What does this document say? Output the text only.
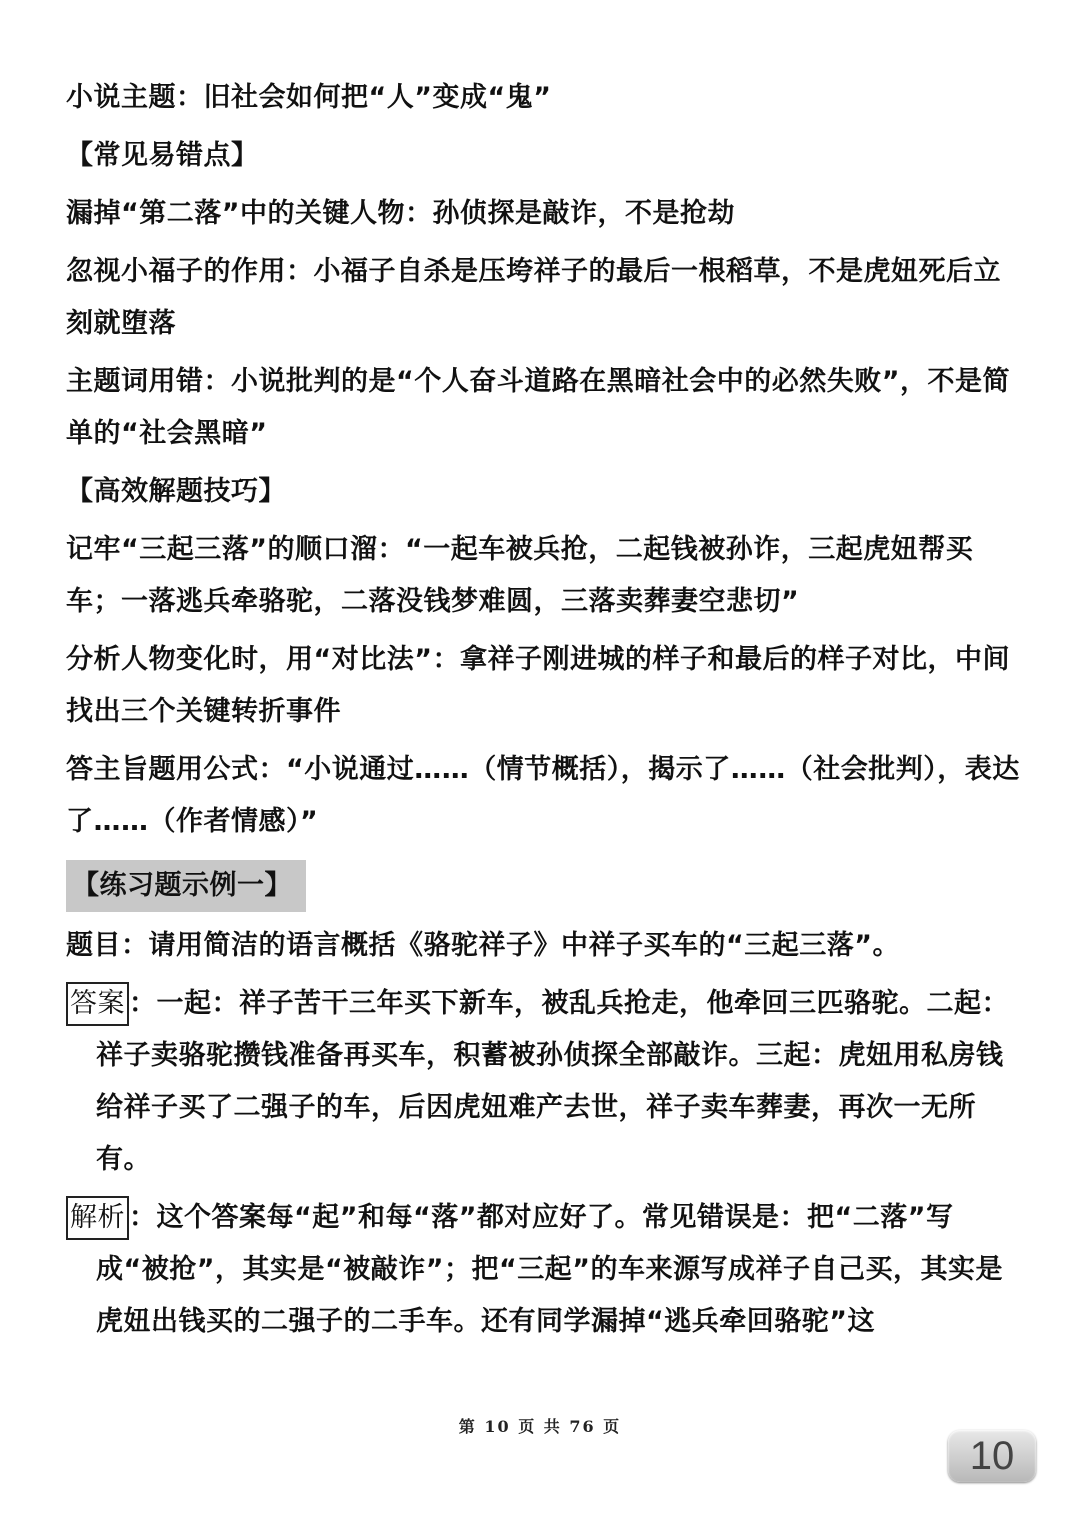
小说主题：旧社会如何把“人”变成“鬼”
【常见易错点】
漏掉“第二落”中的关键人物：孙侦探是敲诈，不是抢劫
忽视小福子的作用：小福子自杀是压垮祥子的最后一根稻草，不是虎妞死后立刻就堕落
主题词用错：小说批判的是“个人奋斗道路在黑暗社会中的必然失败”，不是简单的“社会黑暗”
【高效解题技巧】
记牢“三起三落”的顺口溜：“一起车被兵抢，二起钱被孙诈，三起虎妞帮买车；一落逃兵牵骆驼，二落没钱梦难圆，三落卖葬妻空悲切”
分析人物变化时，用“对比法”：拿祥子刚进城的样子和最后的样子对比，中间找出三个关键转折事件
答主旨题用公式：“小说通过……（情节概括），揭示了……（社会批判），表达了……（作者情感）”
【练习题示例一】
题目：请用简洁的语言概括《骆驼祥子》中祥子买车的“三起三落”。
答案 ：一起：祥子苦干三年买下新车，被乱兵抢走，他牵回三匹骆驼。二起：祥子卖骆驼攒钱准备再买车，积蓄被孙侦探全部敲诈。三起：虎妞用私房钱给祥子买了二强子的车，后因虎妞难产去世，祥子卖车葬妻，再次一无所有。
解析 ：这个答案每“起”和每“落”都对应好了。常见错误是：把“二落”写成“被抢”，其实是“被敲诈”；把“三起”的车来源写成祥子自己买，其实是虎妞出钱买的二强子的二手车。还有同学漏掉“逃兵牵回骆驼”这
第 10 页 共 76 页
10
